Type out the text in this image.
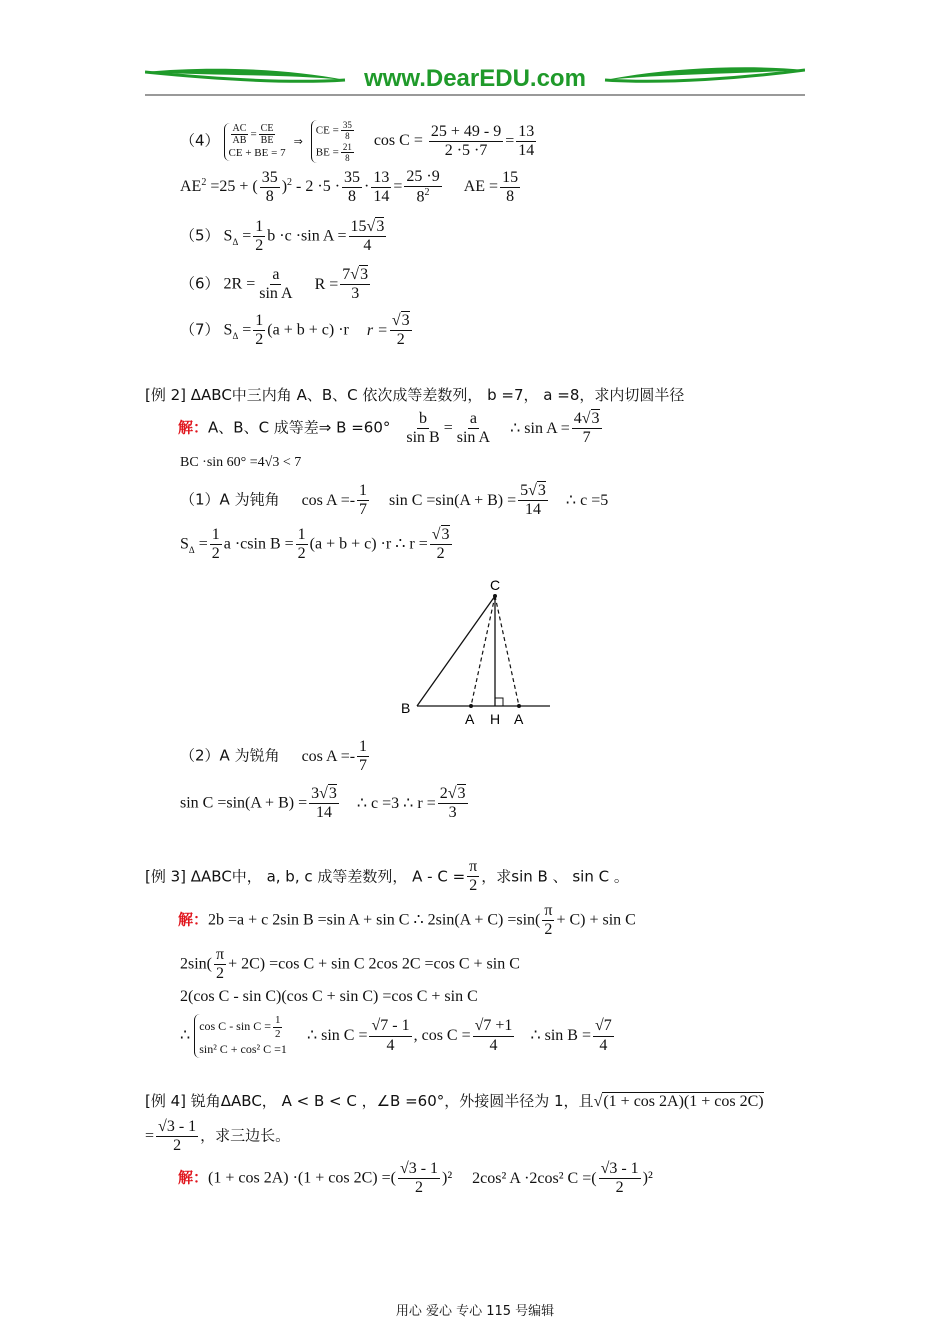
www.DearEDU.com
$(4) \frac{AC}{AB} = \frac{CE}{BE}$

CE + BE = 7 ⇒ CE = $\frac{35}{8}$

BE = $\frac{21}{8}$
$\cos C = \frac{25 + 49 - 9}{2 \cdot 5 \cdot 7} = \frac{13}{14}$
$AE^2 =25$ + ( $\frac{35}{8} )^2 - 2 \cdot 5 \cdot \frac{35}{8} \cdot \frac{13}{14} = \frac{25 \cdot 9}{8^2}$ AE = $\frac{15}{8}$
（5） $S_\Delta = \frac{1}{2}$ b ·c ·sin $A = \frac{15√3}{4}$
（6） $2R = \frac{a}{\text{sin A}}$ $R = \frac{7√3}{3}$
（7） $S_\Delta = \frac{1}{2} (a + b + c) \cdot r$ $r = \frac{√3}{2}$
[例 2] ΔABC中三内角 A、B、C 依次成等差数列， b =7， a =8，求内切圆半径
解：A、B、C 成等差⇒ $B =60^\circ \frac{b}{\text{sin B}} = \frac{a}{\text{sin A}}$ ∴ $\sin A = \frac{4√3}{7}$
BC ·sin 60° =4√3 < 7
（1）A 为钝角 $\cos A =- \frac{1}{7}$ $\sin C =\sin(A + B) = \frac{5√3}{14}$ ∴ c =5
$S_\Delta = \frac{1}{2}$ a ·csin $B = \frac{1}{2} (a + b + c) \cdot r$ ∴ $r = \frac{√3}{2}$
C
B
A H A
（2）A 为锐角 $\cos A =- \frac{1}{7}$
$\sin C =\sin(A + B) = \frac{3√3}{14}$ ∴ c =3 ∴ $r = \frac{2√3}{3}$
[例 3] ΔABC中， a, b, c 成等差数列， $A - C = \frac{\pi}{2}$ ，求sin B 、 sin C 。
解：2b =a + c 2sin B =sin A + sin C ∴ $2\sin(A + C) =\sin( \frac{\pi}{2} + C) + \sin C$
$2\sin( \frac{\pi}{2} + 2C) =\cos$ C + sin C 2cos 2C =cos C + sin C
2(cos C - sin C)(cos C + sin C) =cos C + sin C
∴ $\cos C - \sin C = \frac{1}{2}$

sin² C + cos² C =1 ∴ $\sin C = \frac{√7 - 1}{4}$ , $\cos C = \frac{√7 +1}{4}$ ∴ $\sin B = \frac{√7}{4}$
[例 4] 锐角ΔABC， A < B < C ，∠B =60°，外接圆半径为 1，且√(1 + cos 2A)(1 + cos 2C)
= $\frac{√3 - 1}{2}$ ，求三边长。
解：(1 + cos 2A) ·(1 + cos 2C) =( $\frac{√3 - 1}{2} )^2$ 2cos² A ·2cos² C =( $\frac{√3 - 1}{2} )^2$
用心 爱心 专心 115 号编辑
